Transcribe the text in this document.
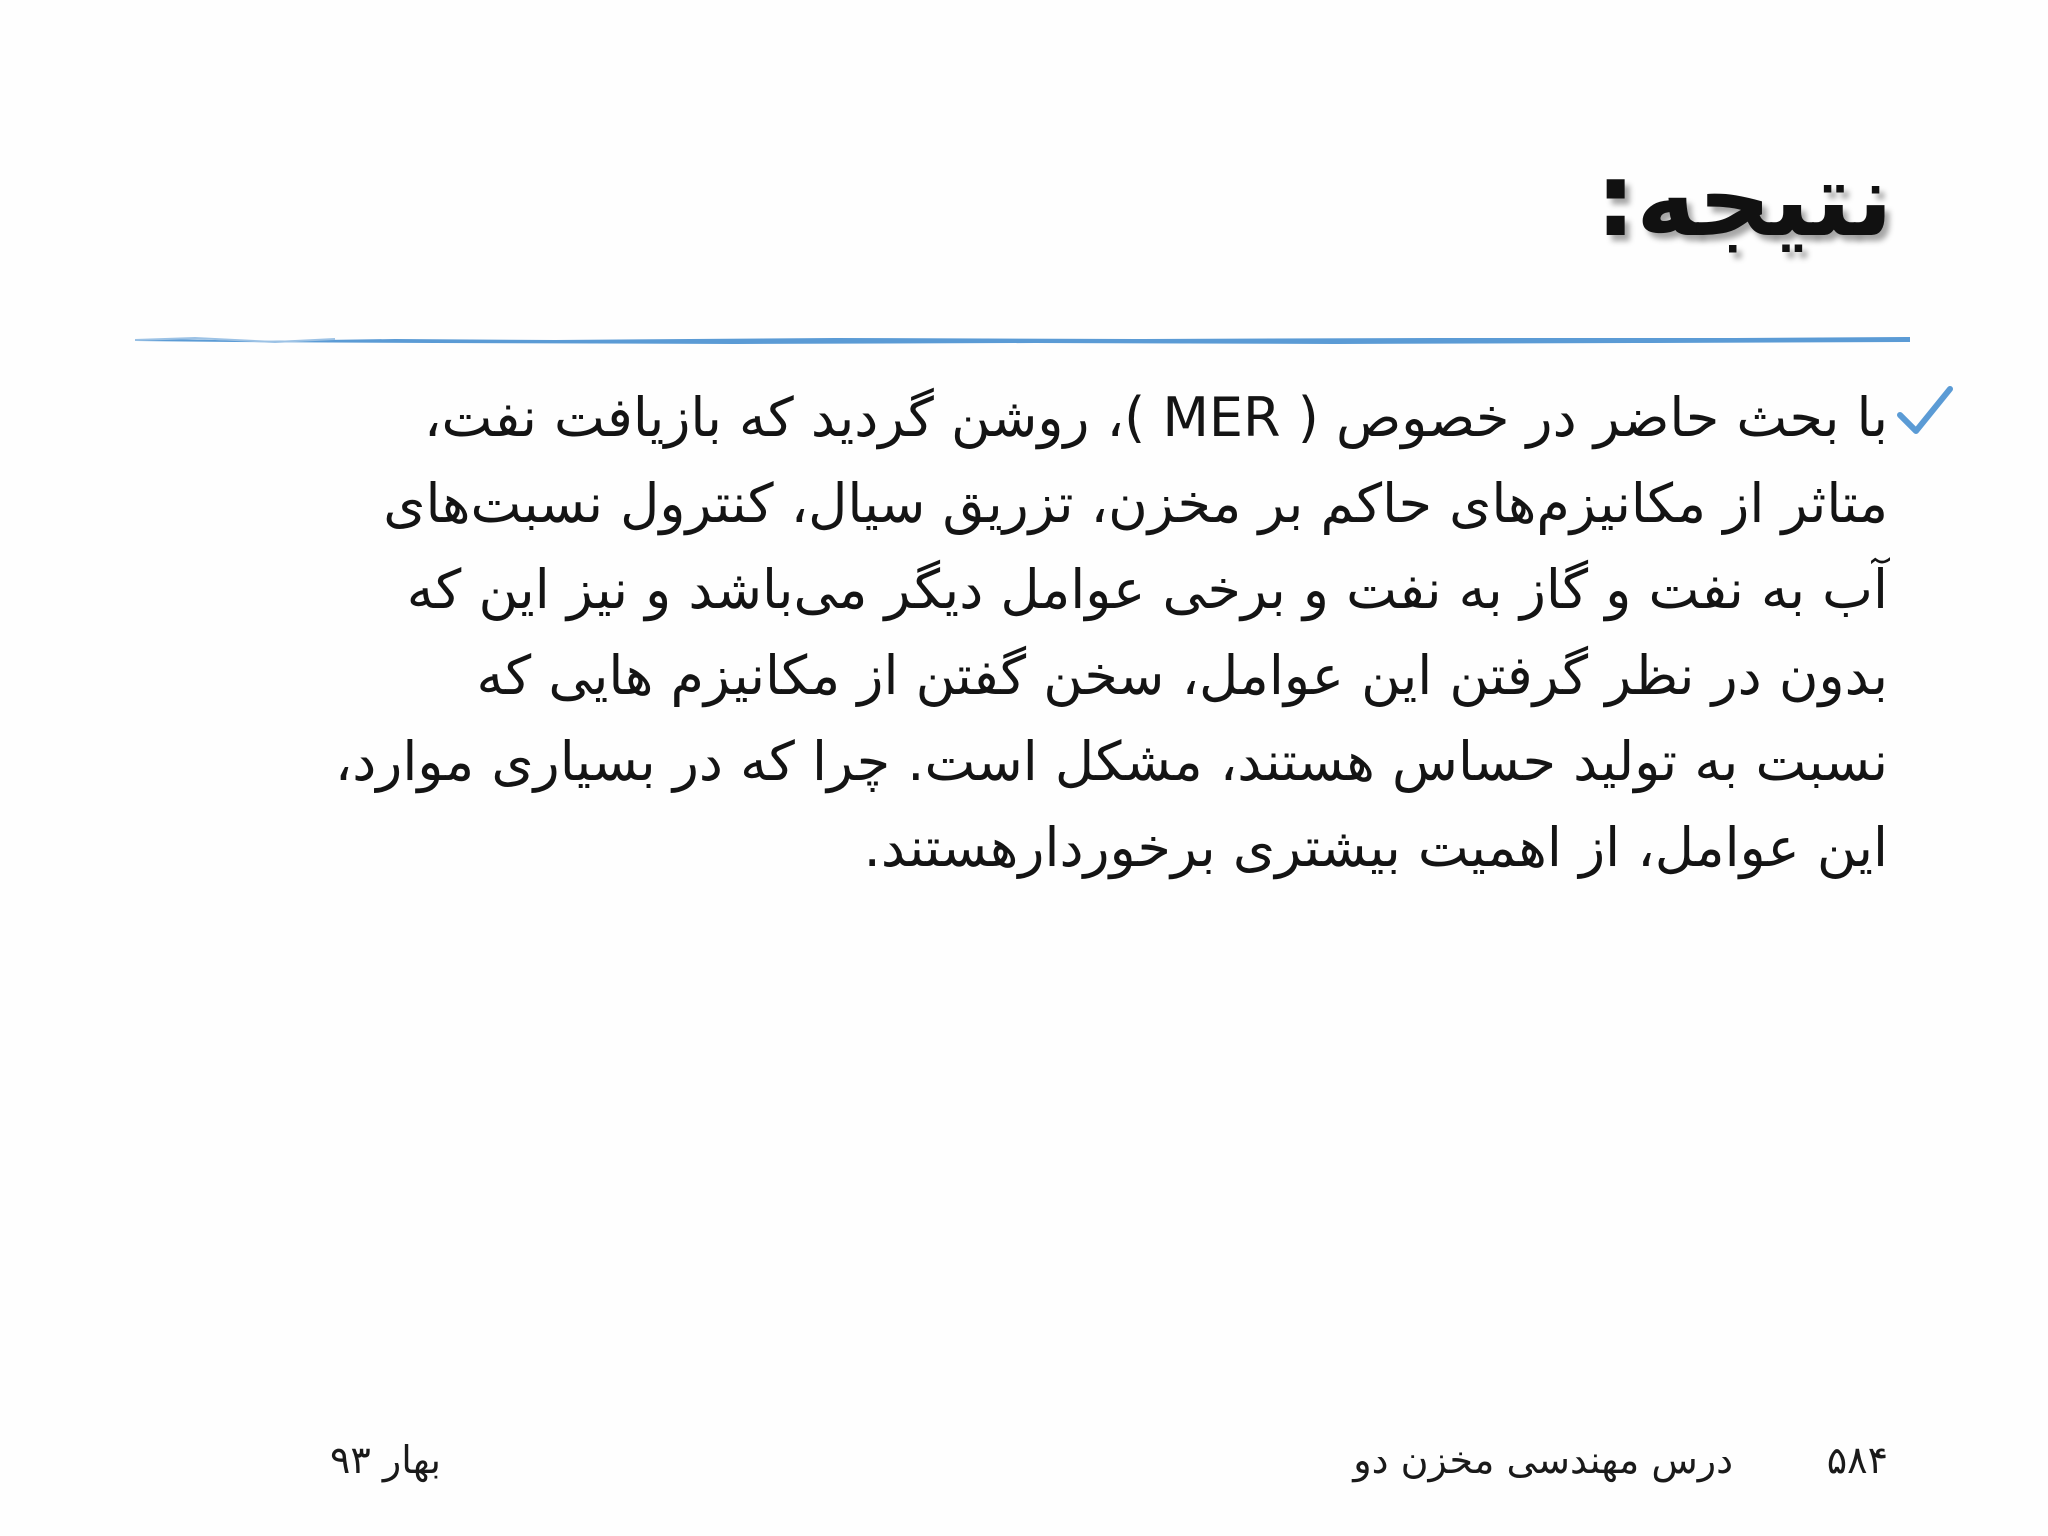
نتیجه:
با بحث حاضر در خصوص ( MER )، روشن گردید که بازیافت نفت،
متاثر از مکانیزم‌های حاکم بر مخزن، تزریق سیال، کنترول نسبت‌های
آب به نفت و گاز به نفت و برخی عوامل دیگر می‌باشد و نیز این که
بدون در نظر گرفتن این عوامل، سخن گفتن از مکانیزم هایی که
نسبت به تولید حساس هستند، مشکل است. چرا که در بسیاری موارد،
این عوامل، از اهمیت بیشتری برخوردارهستند.
۵۸۴
درس مهندسی مخزن دو
بهار ۹۳
